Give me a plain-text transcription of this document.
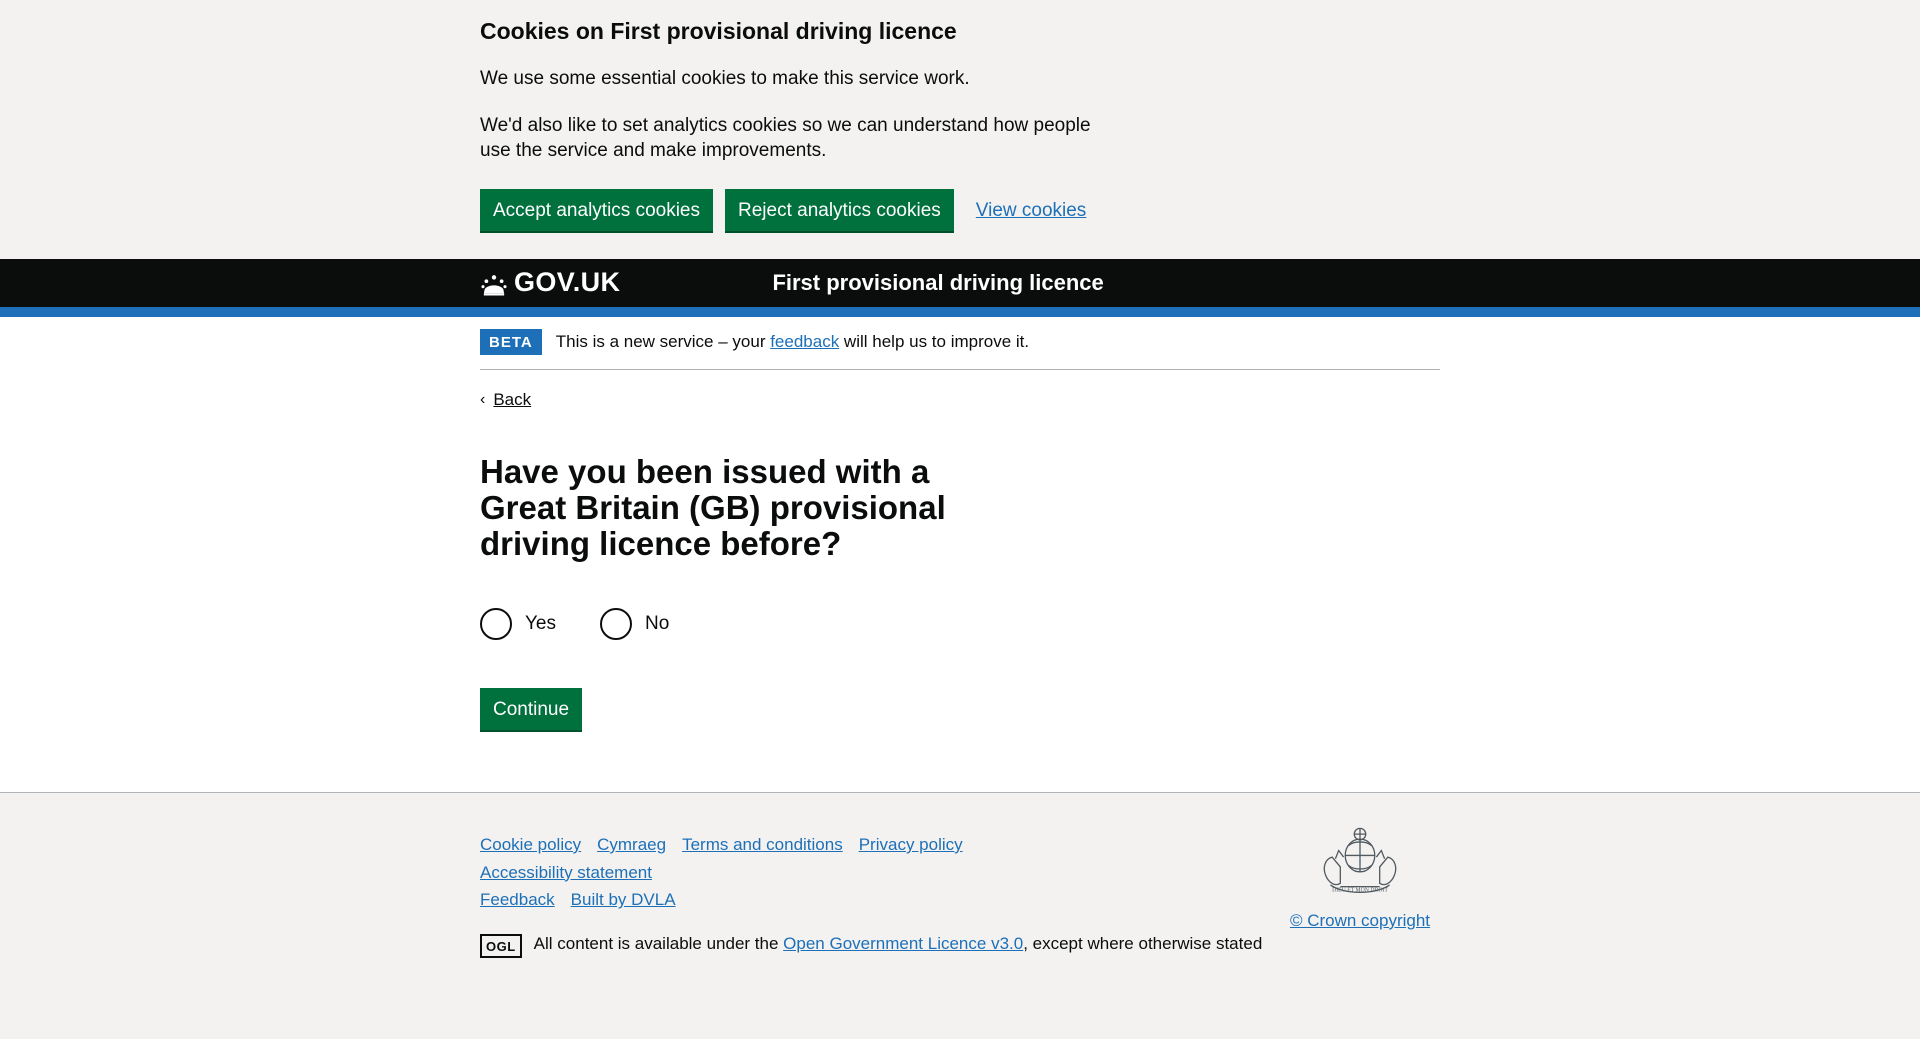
Cookies on First provisional driving licence

We use some essential cookies to make this service work.

We'd also like to set analytics cookies so we can understand how people use the service and make improvements.

Accept analytics cookies	Reject analytics cookies	View cookies
GOV.UK	First provisional driving licence
BETA	This is a new service – your feedback will help us to improve it.
‹ Back
Have you been issued with a Great Britain (GB) provisional driving licence before?
Yes	No
Continue
Cookie policy Cymraeg Terms and conditions Privacy policyAccessibility statement
Feedback Built by DVLA
OGL	All content is available under the Open Government Licence v3.0, except where otherwise stated
DIEU ET MON DROIT
© Crown copyright
